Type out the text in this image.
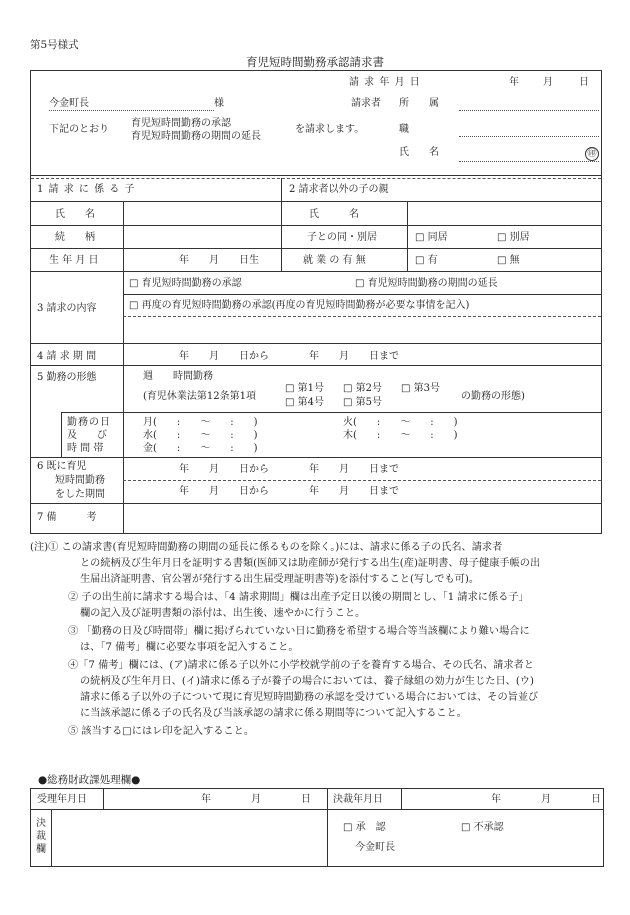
第5号様式
育児短時間勤務承認請求書
請 求 年 月 日	年 月	日
今金町長	様	請求者 所　　属

下記のとおり
育児短時間勤務の承認
育児短時間勤務の期間の延長
を請求します。	職

氏　　名	㊞
1 請 求 に 係 る 子	2 請求者以外の子の親
氏　　名	氏　　　名
続　　柄	子との同・別居	□ 同居	□ 別居
生 年 月 日	年　　月　　日生	就 業 の 有 無	□ 有	□ 無
3 請求の内容
□ 育児短時間勤務の承認	□ 育児短時間勤務の期間の延長
□ 再度の育児短時間勤務の承認(再度の育児短時間勤務が必要な事情を記入)
4 請 求 期 間	年　　月　　日から　　　　年　　月　　日まで
5 勤務の形態	週　　時間勤務
(育児休業法第12条第1項
□ 第1号 □ 第2号 □ 第3号
□ 第4号 □ 第5号
の勤務の形態)
勤務の日
及　　び
時 間 帯
月(　　:　　〜　　:　　)	火(　　:　　〜　　:　　)
水(　　:　　〜　　:　　)	木(　　:　　〜　　:　　)
金(　　:　　〜　　:　　)
6 既に育児
短時間勤務
をした期間
年　　月　　日から　　　　年　　月　　日まで
年　　月　　日から　　　　年　　月　　日まで
7 備　　　考
(注)① この請求書(育児短時間勤務の期間の延長に係るものを除く。)には、請求に係る子の氏名、請求者
との続柄及び生年月日を証明する書類(医師又は助産師が発行する出生(産)証明書、母子健康手帳の出
生届出済証明書、官公署が発行する出生届受理証明書等)を添付すること(写しでも可)。
② 子の出生前に請求する場合は、「4 請求期間」欄は出産予定日以後の期間とし、「1 請求に係る子」
欄の記入及び証明書類の添付は、出生後、速やかに行うこと。
③ 「勤務の日及び時間帯」欄に掲げられていない日に勤務を希望する場合等当該欄により難い場合に
は、「7 備考」欄に必要な事項を記入すること。
④「7 備考」欄には、(ア)請求に係る子以外に小学校就学前の子を養育する場合、その氏名、請求者と
の続柄及び生年月日、(イ)請求に係る子が養子の場合においては、養子縁組の効力が生じた日、(ウ)
請求に係る子以外の子について現に育児短時間勤務の承認を受けている場合においては、その旨並び
に当該承認に係る子の氏名及び当該承認の請求に係る期間等について記入すること。
⑤ 該当する□にはレ印を記入すること。
●総務財政課処理欄●
受理年月日	年　　　　月　　　　日 決裁年月日	年　　　　月　　　　日
決裁欄
□ 承　認	□ 不承認
今金町長
